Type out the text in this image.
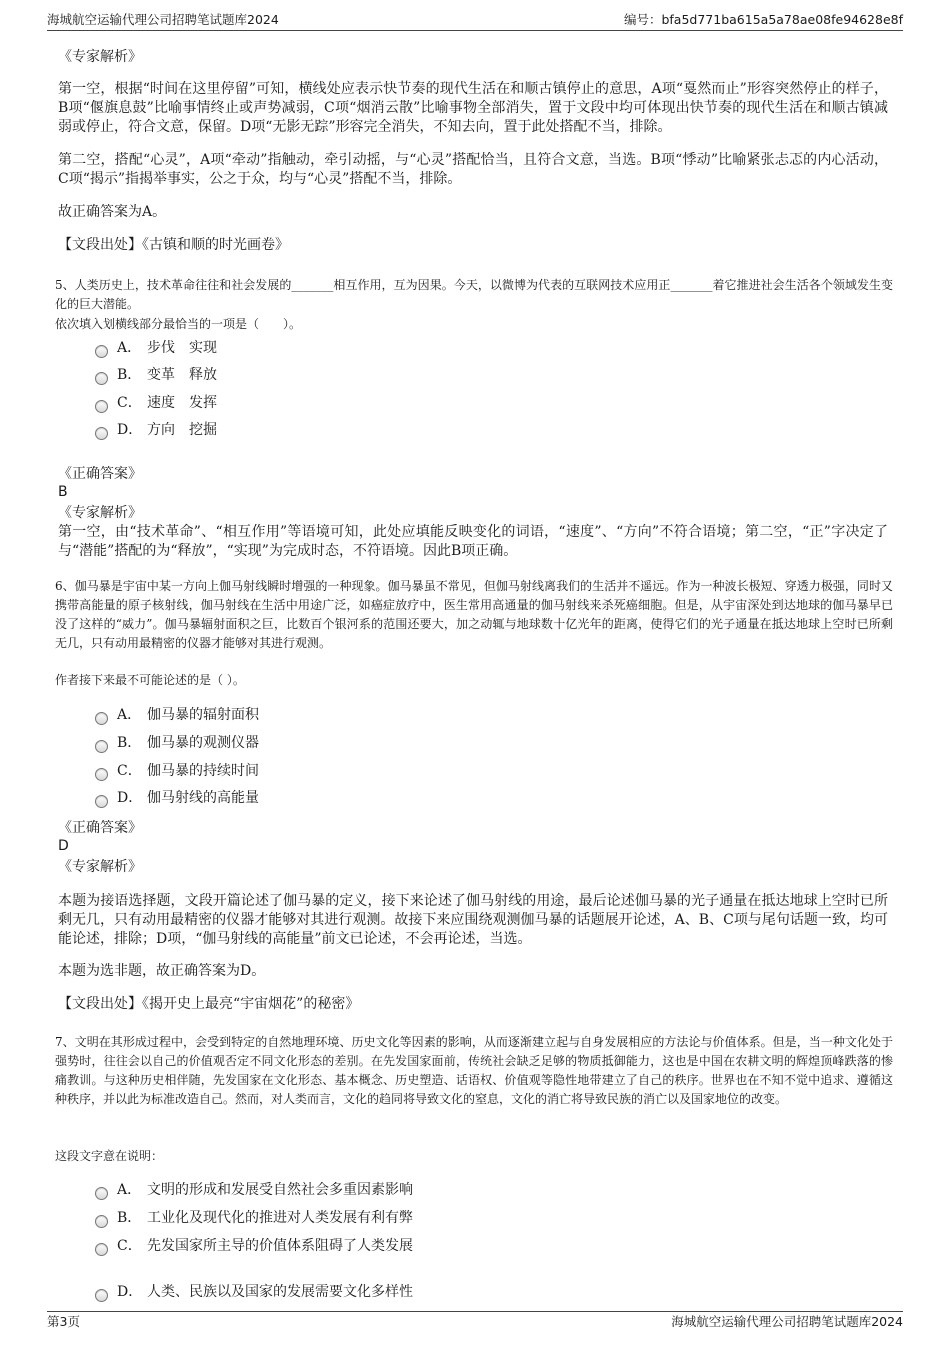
海城航空运输代理公司招聘笔试题库2024	编号：bfa5d771ba615a5a78ae08fe94628e8f

《专家解析》

第一空，根据“时间在这里停留”可知，横线处应表示快节奏的现代生活在和顺古镇停止的意思，A项“戛然而止”形容突然停止的样子，B项“偃旗息鼓”比喻事情终止或声势减弱，C项“烟消云散”比喻事物全部消失，置于文段中均可体现出快节奏的现代生活在和顺古镇减弱或停止，符合文意，保留。D项“无影无踪”形容完全消失，不知去向，置于此处搭配不当，排除。

第二空，搭配“心灵”，A项“牵动”指触动，牵引动摇，与“心灵”搭配恰当，且符合文意，当选。B项“悸动”比喻紧张忐忑的内心活动，C项“揭示”指揭举事实，公之于众，均与“心灵”搭配不当，排除。

故正确答案为A。

【文段出处】《古镇和顺的时光画卷》

5、人类历史上，技术革命往往和社会发展的_______相互作用，互为因果。今天，以微博为代表的互联网技术应用正_______着它推进社会生活各个领域发生变化的巨大潜能。

依次填入划横线部分最恰当的一项是（　　）。

A． 步伐　实现
B． 变革　释放
C． 速度　发挥
D． 方向　挖掘

《正确答案》

B

《专家解析》

第一空，由“技术革命”、“相互作用”等语境可知，此处应填能反映变化的词语，“速度”、“方向”不符合语境；第二空，“正”字决定了与“潜能”搭配的为“释放”，“实现”为完成时态，不符语境。因此B项正确。

6、伽马暴是宇宙中某一方向上伽马射线瞬时增强的一种现象。伽马暴虽不常见，但伽马射线离我们的生活并不遥远。作为一种波长极短、穿透力极强，同时又携带高能量的原子核射线，伽马射线在生活中用途广泛，如癌症放疗中，医生常用高通量的伽马射线来杀死癌细胞。但是，从宇宙深处到达地球的伽马暴早已没了这样的“威力”。伽马暴辐射面积之巨，比数百个银河系的范围还要大，加之动辄与地球数十亿光年的距离，使得它们的光子通量在抵达地球上空时已所剩无几，只有动用最精密的仪器才能够对其进行观测。

作者接下来最不可能论述的是（ ）。

A． 伽马暴的辐射面积
B． 伽马暴的观测仪器
C． 伽马暴的持续时间
D． 伽马射线的高能量

《正确答案》

D

《专家解析》

本题为接语选择题，文段开篇论述了伽马暴的定义，接下来论述了伽马射线的用途，最后论述伽马暴的光子通量在抵达地球上空时已所剩无几，只有动用最精密的仪器才能够对其进行观测。故接下来应围绕观测伽马暴的话题展开论述，A、B、C项与尾句话题一致，均可能论述，排除；D项，“伽马射线的高能量”前文已论述，不会再论述，当选。

本题为选非题，故正确答案为D。

【文段出处】《揭开史上最亮“宇宙烟花”的秘密》

7、文明在其形成过程中，会受到特定的自然地理环境、历史文化等因素的影响，从而逐渐建立起与自身发展相应的方法论与价值体系。但是，当一种文化处于强势时，往往会以自己的价值观否定不同文化形态的差别。在先发国家面前，传统社会缺乏足够的物质抵御能力，这也是中国在农耕文明的辉煌顶峰跌落的惨痛教训。与这种历史相伴随，先发国家在文化形态、基本概念、历史塑造、话语权、价值观等隐性地带建立了自己的秩序。世界也在不知不觉中追求、遵循这种秩序，并以此为标准改造自己。然而，对人类而言，文化的趋同将导致文化的窒息，文化的消亡将导致民族的消亡以及国家地位的改变。

这段文字意在说明：

A． 文明的形成和发展受自然社会多重因素影响
B． 工业化及现代化的推进对人类发展有利有弊
C． 先发国家所主导的价值体系阻碍了人类发展
D． 人类、民族以及国家的发展需要文化多样性
第3页	海城航空运输代理公司招聘笔试题库2024
